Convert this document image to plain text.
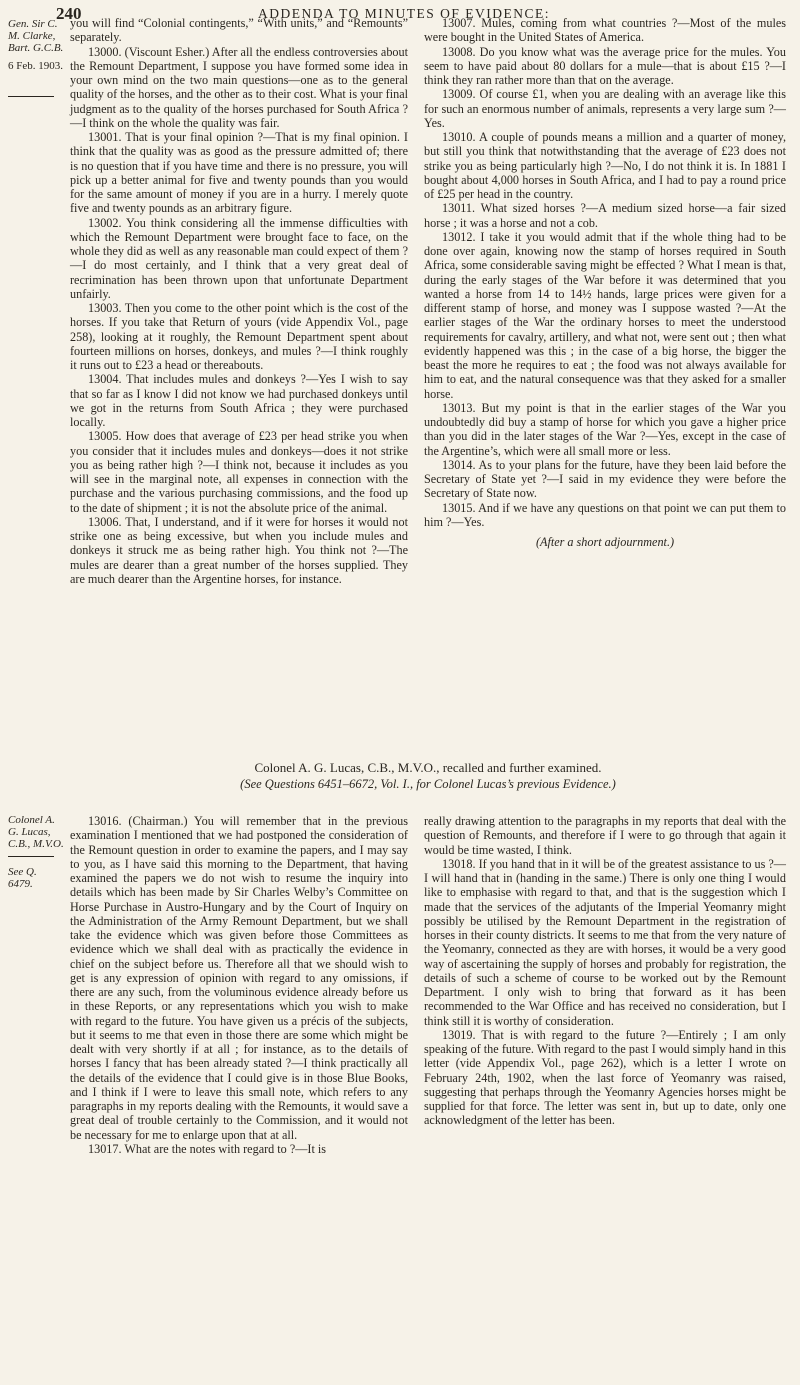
240	ADDENDA TO MINUTES OF EVIDENCE:
Gen. Sir C. M. Clarke, Bart. G.C.B.
6 Feb. 1903.
Colonel A. G. Lucas, C.B., M.V.O.
See Q. 6479.

you will find “Colonial contingents,” “With units,” and “Remounts” separately.

13000. (Viscount Esher.) After all the endless controversies about the Remount Department, I suppose you have formed some idea in your own mind on the two main questions—one as to the general quality of the horses, and the other as to their cost. What is your final judgment as to the quality of the horses purchased for South Africa ?—I think on the whole the quality was fair.

13001. That is your final opinion ?—That is my final opinion. I think that the quality was as good as the pressure admitted of; there is no question that if you have time and there is no pressure, you will pick up a better animal for five and twenty pounds than you would for the same amount of money if you are in a hurry. I merely quote five and twenty pounds as an arbitrary figure.

13002. You think considering all the immense difficulties with which the Remount Department were brought face to face, on the whole they did as well as any reasonable man could expect of them ?—I do most certainly, and I think that a very great deal of recrimination has been thrown upon that unfortunate Department unfairly.

13003. Then you come to the other point which is the cost of the horses. If you take that Return of yours (vide Appendix Vol., page 258), looking at it roughly, the Remount Department spent about fourteen millions on horses, donkeys, and mules ?—I think roughly it runs out to £23 a head or thereabouts.

13004. That includes mules and donkeys ?—Yes I wish to say that so far as I know I did not know we had purchased donkeys until we got in the returns from South Africa ; they were purchased locally.

13005. How does that average of £23 per head strike you when you consider that it includes mules and donkeys—does it not strike you as being rather high ?—I think not, because it includes as you will see in the marginal note, all expenses in connection with the purchase and the various purchasing commissions, and the food up to the date of shipment ; it is not the absolute price of the animal.

13006. That, I understand, and if it were for horses it would not strike one as being excessive, but when you include mules and donkeys it struck me as being rather high. You think not ?—The mules are dearer than a great number of the horses supplied. They are much dearer than the Argentine horses, for instance.

13007. Mules, coming from what countries ?—Most of the mules were bought in the United States of America.

13008. Do you know what was the average price for the mules. You seem to have paid about 80 dollars for a mule—that is about £15 ?—I think they ran rather more than that on the average.

13009. Of course £1, when you are dealing with an average like this for such an enormous number of animals, represents a very large sum ?—Yes.

13010. A couple of pounds means a million and a quarter of money, but still you think that notwithstanding that the average of £23 does not strike you as being particularly high ?—No, I do not think it is. In 1881 I bought about 4,000 horses in South Africa, and I had to pay a round price of £25 per head in the country.

13011. What sized horses ?—A medium sized horse—a fair sized horse ; it was a horse and not a cob.

13012. I take it you would admit that if the whole thing had to be done over again, knowing now the stamp of horses required in South Africa, some considerable saving might be effected ? What I mean is that, during the early stages of the War before it was determined that you wanted a horse from 14 to 14½ hands, large prices were given for a different stamp of horse, and money was I suppose wasted ?—At the earlier stages of the War the ordinary horses to meet the understood requirements for cavalry, artillery, and what not, were sent out ; then what evidently happened was this ; in the case of a big horse, the bigger the beast the more he requires to eat ; the food was not always available for him to eat, and the natural consequence was that they asked for a smaller horse.

13013. But my point is that in the earlier stages of the War you undoubtedly did buy a stamp of horse for which you gave a higher price than you did in the later stages of the War ?—Yes, except in the case of the Argentine’s, which were all small more or less.

13014. As to your plans for the future, have they been laid before the Secretary of State yet ?—I said in my evidence they were before the Secretary of State now.

13015. And if we have any questions on that point we can put them to him ?—Yes.

(After a short adjournment.)

Colonel A. G. Lucas, C.B., M.V.O., recalled and further examined.
(See Questions 6451–6672, Vol. I., for Colonel Lucas’s previous Evidence.)

13016. (Chairman.) You will remember that in the previous examination I mentioned that we had postponed the consideration of the Remount question in order to examine the papers, and I may say to you, as I have said this morning to the Department, that having examined the papers we do not wish to resume the inquiry into details which has been made by Sir Charles Welby’s Committee on Horse Purchase in Austro-Hungary and by the Court of Inquiry on the Administration of the Army Remount Department, but we shall take the evidence which was given before those Committees as evidence which we shall deal with as practically the evidence in chief on the subject before us. Therefore all that we should wish to get is any expression of opinion with regard to any omissions, if there are any such, from the voluminous evidence already before us in these Reports, or any representations which you wish to make with regard to the future. You have given us a précis of the subjects, but it seems to me that even in those there are some which might be dealt with very shortly if at all ; for instance, as to the details of horses I fancy that has been already stated ?—I think practically all the details of the evidence that I could give is in those Blue Books, and I think if I were to leave this small note, which refers to any paragraphs in my reports dealing with the Remounts, it would save a great deal of trouble certainly to the Commission, and it would not be necessary for me to enlarge upon that at all.

13017. What are the notes with regard to ?—It is

really drawing attention to the paragraphs in my reports that deal with the question of Remounts, and therefore if I were to go through that again it would be time wasted, I think.

13018. If you hand that in it will be of the greatest assistance to us ?—I will hand that in (handing in the same.) There is only one thing I would like to emphasise with regard to that, and that is the suggestion which I made that the services of the adjutants of the Imperial Yeomanry might possibly be utilised by the Remount Department in the registration of horses in their county districts. It seems to me that from the very nature of the Yeomanry, connected as they are with horses, it would be a very good way of ascertaining the supply of horses and probably for registration, the details of such a scheme of course to be worked out by the Remount Department. I only wish to bring that forward as it has been recommended to the War Office and has received no consideration, but I think still it is worthy of consideration.

13019. That is with regard to the future ?—Entirely ; I am only speaking of the future. With regard to the past I would simply hand in this letter (vide Appendix Vol., page 262), which is a letter I wrote on February 24th, 1902, when the last force of Yeomanry was raised, suggesting that perhaps through the Yeomanry Agencies horses might be supplied for that force. The letter was sent in, but up to date, only one acknowledgment of the letter has been.
